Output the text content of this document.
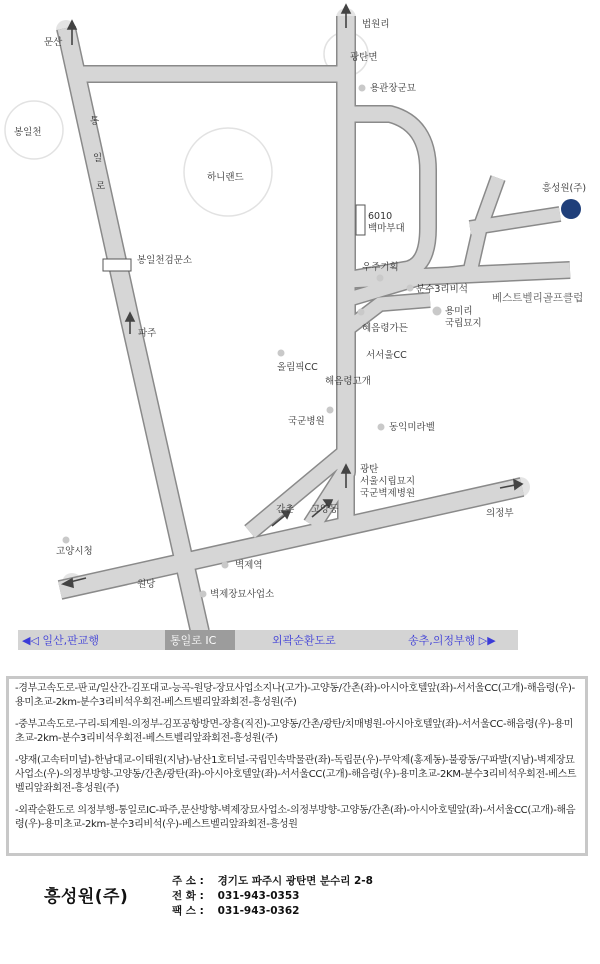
문산
법원리
광탄면
용관장군묘
봉일천
통
일
로
하니랜드
흥성원(주)
6010
백마부대
봉일천검문소
우주기획
분수3리비석
베스트벨리골프클럽
용미리
국립묘지
혜음령가든
파주
서서울CC
올림픽CC
해음령고개
국군병원
동익미라벨
광탄
서울시립묘지
국군벽제병원
의정부
간촌 고양동
고양시청
벽제역
원당
벽제장묘사업소
◀◁ 일산,판교행	통일로 IC	외곽순환도로	송추,의정부행 ▷▶
-경부고속도로-판교/일산간-김포대교-능곡-원당-장묘사업소지나(고가)-고양동/간촌(좌)-아시아호텔앞(좌)-서서울CC(고개)-해음령(우)-용미초교-2km-분수3리비석우회전-베스트벨리앞좌회전-흥성원(주)
-중부고속도로-구리-퇴계원-의정부-김포공항방면-장흥(직진)-고양동/간촌/광탄/치매병원-아시아호텔앞(좌)-서서울CC-해음령(우)-용미초교-2km-분수3리비석우회전-베스트벨리앞좌회전-흥성원(주)
-양재(고속터미널)-한남대교-이태원(지남)-남산1호터널-국립민속박물관(좌)-독립문(우)-무악제(홍제동)-불광동/구파발(지남)-벽제장묘사업소(우)-의정부방향-고양동/간촌/광탄(좌)-아시아호텔앞(좌)-서서울CC(고개)-해음령(우)-용미초교-2KM-분수3리비석우회전-베스트벨리앞좌회전-흥성원(주)
-외곽순환도로 의정부행-통일로IC-파주,문산방향-벽제장묘사업소-의정부방향-고양동/간촌(좌)-아시아호텔앞(좌)-서서울CC(고개)-해음령(우)-용미초교-2km-분수3리비석(우)-베스트벨리앞좌회전-흥성원
흥성원(주)
주 소 : 경기도 파주시 광탄면 분수리 2-8
전 화 : 031-943-0353
팩 스 : 031-943-0362
